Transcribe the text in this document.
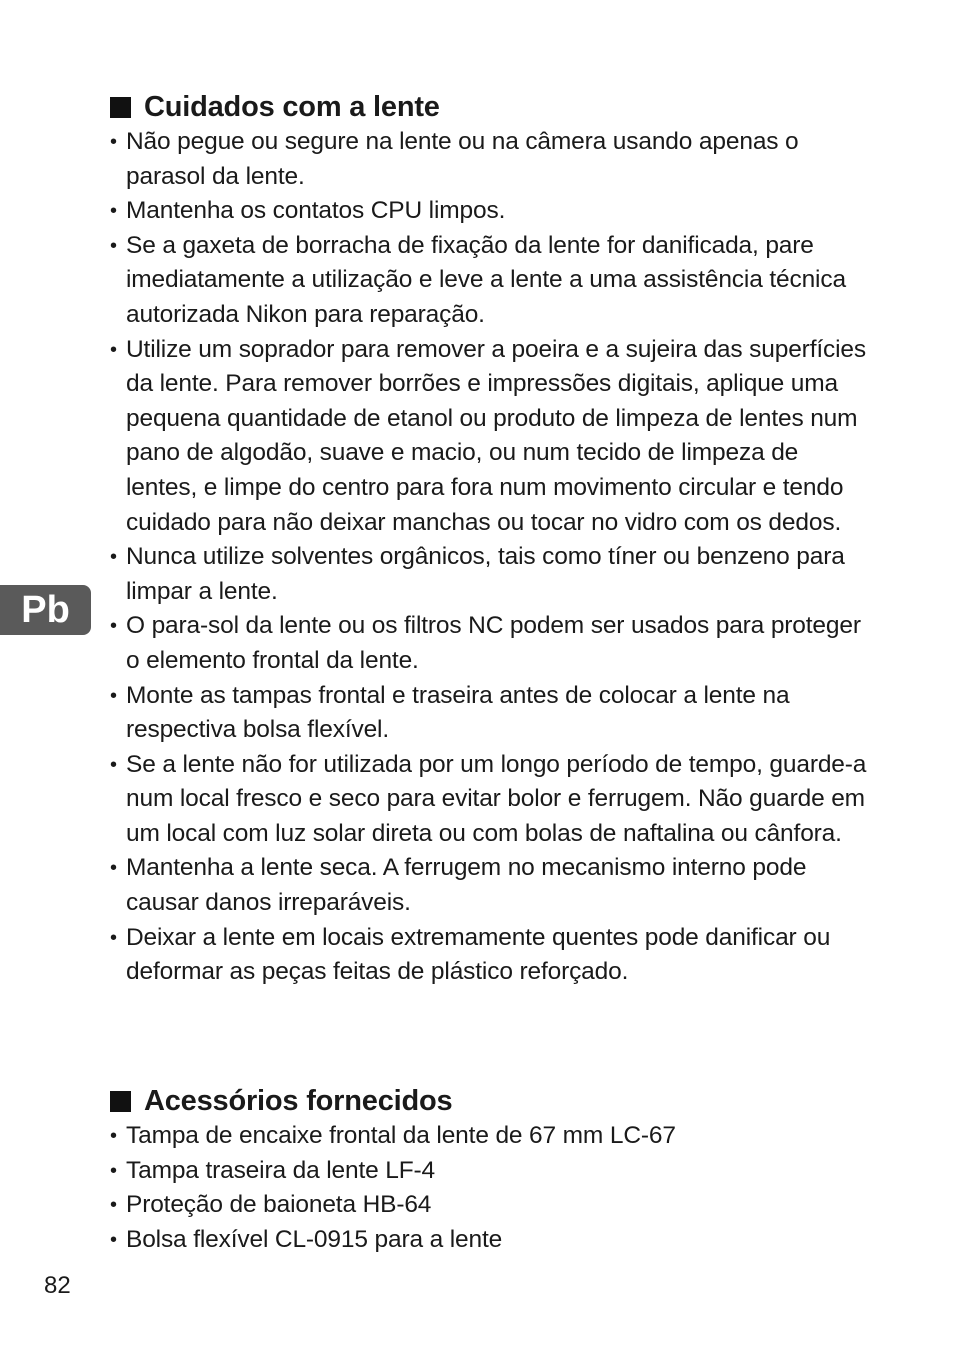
Cuidados com a lente
• Não pegue ou segure na lente ou na câmera usando apenas o parasol da lente.
• Mantenha os contatos CPU limpos.
• Se a gaxeta de borracha de fixação da lente for danificada, pare imediatamente a utilização e leve a lente a uma assistência técnica autorizada Nikon para reparação.
• Utilize um soprador para remover a poeira e a sujeira das superfícies da lente. Para remover borrões e impressões digitais, aplique uma pequena quantidade de etanol ou produto de limpeza de lentes num pano de algodão, suave e macio, ou num tecido de limpeza de lentes, e limpe do centro para fora num movimento circular e tendo cuidado para não deixar manchas ou tocar no vidro com os dedos.
• Nunca utilize solventes orgânicos, tais como tíner ou benzeno para limpar a lente.
• O para-sol da lente ou os filtros NC podem ser usados para proteger o elemento frontal da lente.
• Monte as tampas frontal e traseira antes de colocar a lente na respectiva bolsa flexível.
• Se a lente não for utilizada por um longo período de tempo, guarde-a num local fresco e seco para evitar bolor e ferrugem. Não guarde em um local com luz solar direta ou com bolas de naftalina ou cânfora.
• Mantenha a lente seca. A ferrugem no mecanismo interno pode causar danos irreparáveis.
• Deixar a lente em locais extremamente quentes pode danificar ou deformar as peças feitas de plástico reforçado.
Acessórios fornecidos
• Tampa de encaixe frontal da lente de 67 mm LC-67
• Tampa traseira da lente LF-4
• Proteção de baioneta HB-64
• Bolsa flexível CL-0915 para a lente
Pb
82
